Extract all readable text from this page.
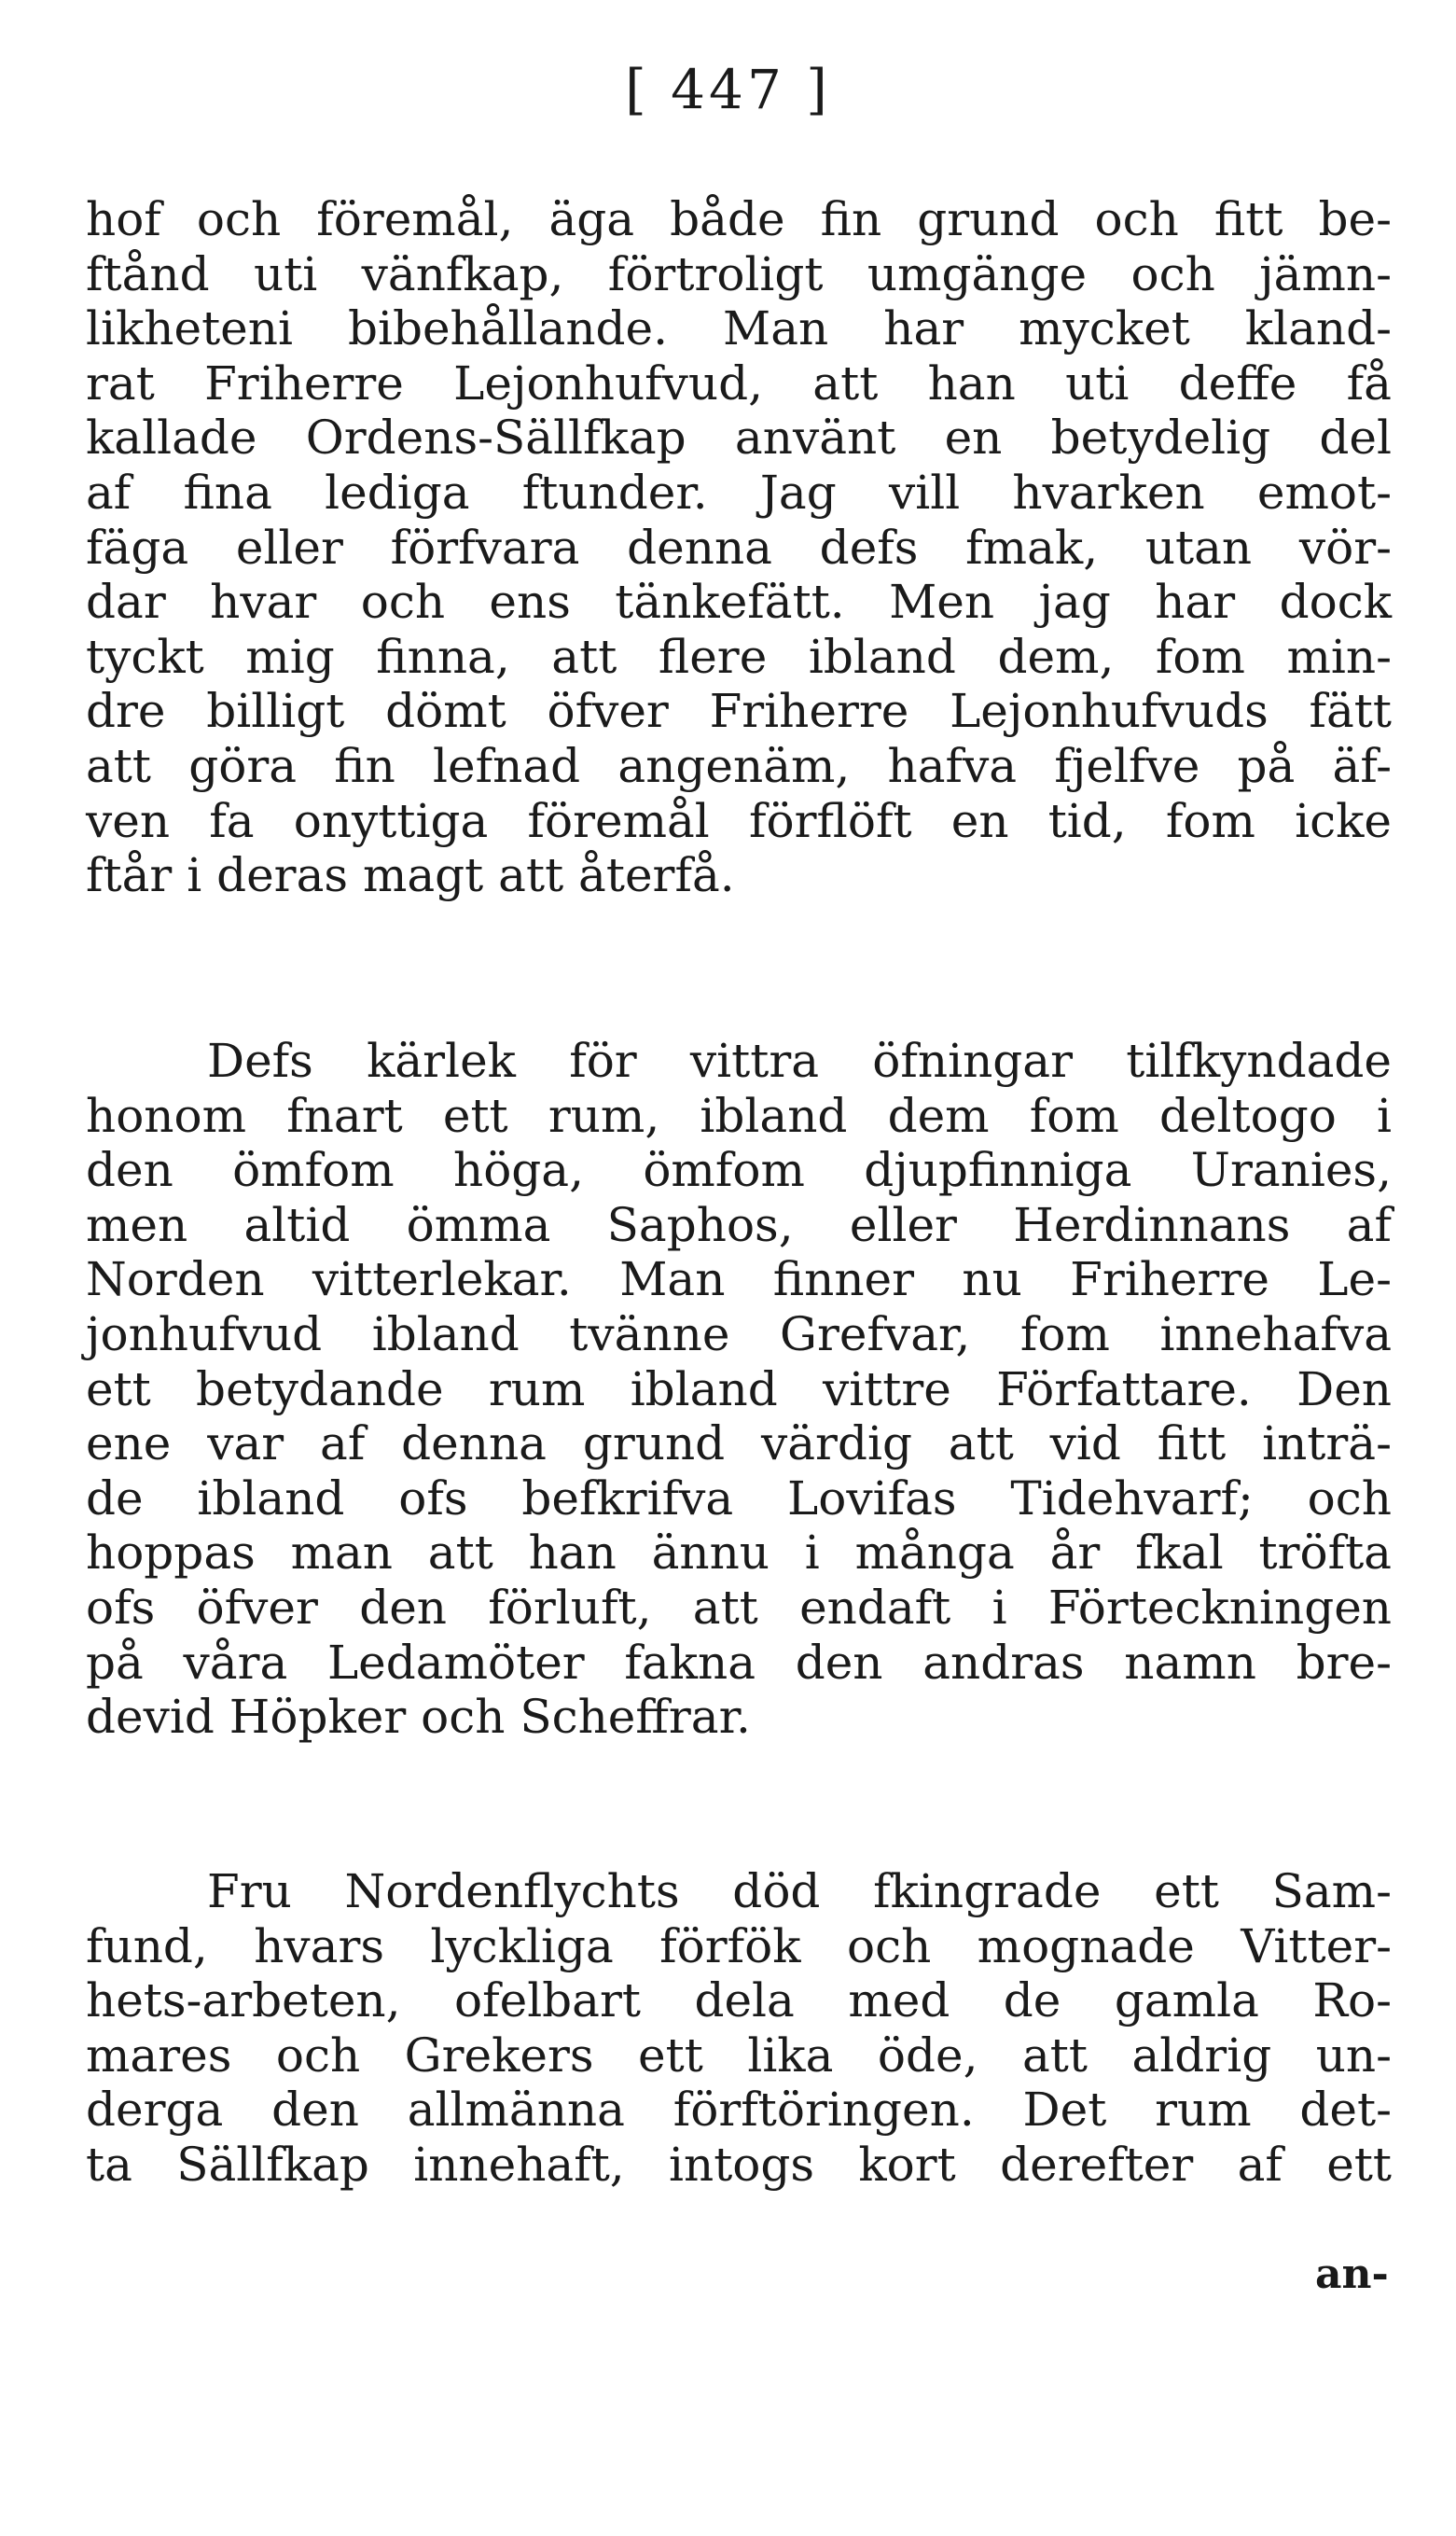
[ 447 ]
hof och föremål, äga både fin grund och fitt be-
ftånd uti vänfkap, förtroligt umgänge och jämn-
likheteni bibehållande. Man har mycket kland-
rat Friherre Lejonhufvud, att han uti deffe få
kallade Ordens-Sällfkap använt en betydelig del
af fina lediga ftunder. Jag vill hvarken emot-
fäga eller förfvara denna defs fmak, utan vör-
dar hvar och ens tänkefätt. Men jag har dock
tyckt mig finna, att flere ibland dem, fom min-
dre billigt dömt öfver Friherre Lejonhufvuds fätt
att göra fin lefnad angenäm, hafva fjelfve på äf-
ven fa onyttiga föremål förflöft en tid, fom icke
ftår i deras magt att återfå.
Defs kärlek för vittra öfningar tilfkyndade
honom fnart ett rum, ibland dem fom deltogo i
den ömfom höga, ömfom djupfinniga Uranies,
men altid ömma Saphos, eller Herdinnans af
Norden vitterlekar. Man finner nu Friherre Le-
jonhufvud ibland tvänne Grefvar, fom innehafva
ett betydande rum ibland vittre Författare. Den
ene var af denna grund värdig att vid fitt inträ-
de ibland ofs befkrifva Lovifas Tidehvarf; och
hoppas man att han ännu i många år fkal tröfta
ofs öfver den förluft, att endaft i Förteckningen
på våra Ledamöter fakna den andras namn bre-
devid Höpker och Scheffrar.
Fru Nordenflychts död fkingrade ett Sam-
fund, hvars lyckliga förfök och mognade Vitter-
hets-arbeten, ofelbart dela med de gamla Ro-
mares och Grekers ett lika öde, att aldrig un-
derga den allmänna förftöringen. Det rum det-
ta Sällfkap innehaft, intogs kort derefter af ett
an-
